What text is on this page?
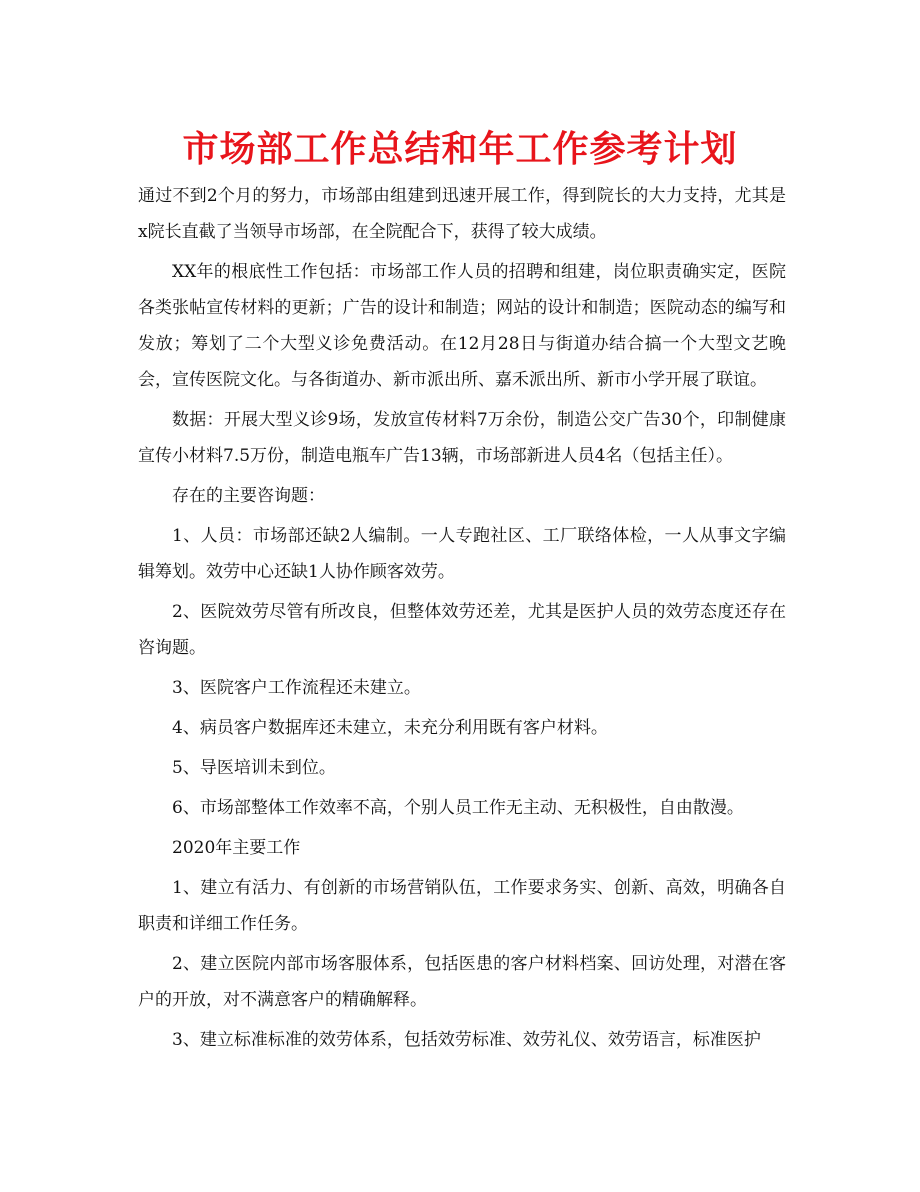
市场部工作总结和年工作参考计划

通过不到2个月的努力，市场部由组建到迅速开展工作，得到院长的大力支持，尤其是x院长直截了当领导市场部，在全院配合下，获得了较大成绩。

XX年的根底性工作包括：市场部工作人员的招聘和组建，岗位职责确实定，医院各类张帖宣传材料的更新；广告的设计和制造；网站的设计和制造；医院动态的编写和发放；筹划了二个大型义诊免费活动。在12月28日与街道办结合搞一个大型文艺晚会，宣传医院文化。与各街道办、新市派出所、嘉禾派出所、新市小学开展了联谊。

数据：开展大型义诊9场，发放宣传材料7万余份，制造公交广告30个，印制健康宣传小材料7.5万份，制造电瓶车广告13辆，市场部新进人员4名（包括主任）。

存在的主要咨询题：

1、人员：市场部还缺2人编制。一人专跑社区、工厂联络体检，一人从事文字编辑筹划。效劳中心还缺1人协作顾客效劳。

2、医院效劳尽管有所改良，但整体效劳还差，尤其是医护人员的效劳态度还存在咨询题。

3、医院客户工作流程还未建立。

4、病员客户数据库还未建立，未充分利用既有客户材料。

5、导医培训未到位。

6、市场部整体工作效率不高，个别人员工作无主动、无积极性，自由散漫。

2020年主要工作

1、建立有活力、有创新的市场营销队伍，工作要求务实、创新、高效，明确各自职责和详细工作任务。

2、建立医院内部市场客服体系，包括医患的客户材料档案、回访处理，对潜在客户的开放，对不满意客户的精确解释。

3、建立标准标准的效劳体系，包括效劳标准、效劳礼仪、效劳语言，标准医护
